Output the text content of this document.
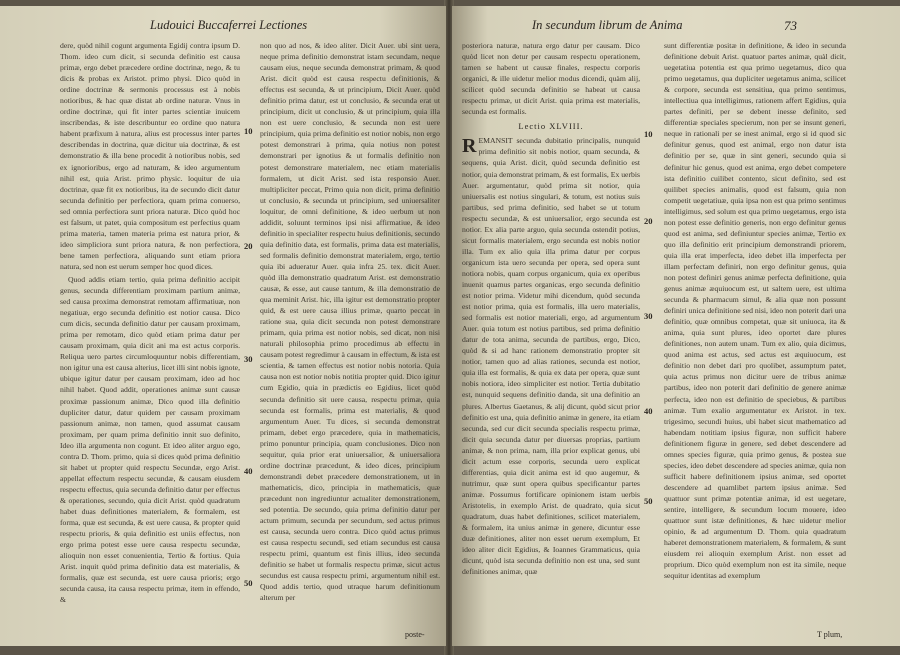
Ludouici Buccaferrei Lectiones

dere, quòd nihil cogunt argumenta Egidij contra ipsum D. Thom. ideo cum dicit, si secunda definitio est causa primæ, ergo debet præcedere ordine doctrinæ, nego, & tu dicis & probas ex Aristot. primo physi. Dico quòd in ordine doctrinæ & sermonis processus est à nobis notioribus, & hac quæ distat ab ordine naturæ. Vnus in ordine doctrinæ, qui fit inter partes scientiæ inuicem inscribendas, & iste describuntur eo ordine quo natura habent præfixum à natura, alius est processus inter partes describendas in doctrina, quæ dicitur uia doctrinæ, & est demonstratio & illa bene procedit à notioribus nobis, sed ex ignorioribus, ergo ad naturam, & ideo argumentum nihil est, quia Arist. primo physic. loquitur de uia doctrinæ, quæ fit ex notioribus, ita de secundo dicit datur secunda definitio per perfectiora, quam prima conuerso, sed omnia perfectiora sunt priora naturæ. Dico quòd hoc est falsum, ut patet, quia compositum est perfectius quam prima materia, tamen materia prima est natura prior, & ideo simpliciora sunt priora natura, & non perfectiora, bene tamen perfectiora, aliquando sunt etiam priora natura, sed non est uerum semper hoc quod dices.

Quod addis etiam tertio, quia prima definitio accipit genus, secunda differentiam proximam partium animæ, sed causa proxima demonstrat remotam affirmatiuæ, non negatiuæ, ergo secunda definitio est notior causa. Dico cum dicis, secunda definitio datur per causam proximam, prima per remotam, dico quòd etiam prima datur per causam proximam, quia dicit ani ma est actus corporis. Reliqua uero partes circumloquuntur nobis differentiam, non igitur una est causa alterius, licet illi sint nobis ignote, ubique igitur datur per causam proximam, ideo ad hoc nihil habet. Quod addit, operationes animæ sunt causæ proximæ passionum animæ, Dico quod illa definitio dupliciter datur, datur quidem per causam proximam passionum animæ, non tamen, quod assumat causam proximam, per quam prima definitio innit suo definito, Ideo illa argumenta non cogunt. Et ideo aliter arguo ego, contra D. Thom. primo, quia si dices quòd prima definitio sit habet ut propter quid respectu Secundæ, ergo Arist. appellat effectum respectu secundæ, & causam eiusdem respectu effectus, quia secunda definitio datur per effectus & operationes, secundo, quia dicit Arist. quòd quadratum habet duas definitiones materialem, & formalem, est forma, quæ est secunda, & est uere causa, & propter quid respectu prioris, & quia definitio est uniis effectus, non ergo prima potest esse uere causa respectu secundæ, alioquin non esset conuenientia, Tertio & fortius. Quia Arist. inquit quòd prima definitio data est materialis, & formalis, quæ est secunda, est uere causa prioris; ergo secunda causa, ita causa respectu primæ, item in effendo, &

10
20
30
40
50

non quo ad nos, & ideo aliter. Dicit Auer. ubi sint uera, neque prima definitio demonstrat istam secundam, neque causam eius, neque secunda demonstrat primam, & quod Arist. dicit quòd est causa respectu definitionis, & effectus est secunda, & ut principium, Dicit Auer. quòd definitio prima datur, est ut conclusio, & secunda erat ut principium, dicit ut conclusio, & ut principium, quia illa non est uere conclusio, & secunda non est uere principium, quia prima definitio est notior nobis, non ergo potest demonstrari à prima, quia notius non potest demonstrari per ignotius & ut formalis definitio non potest demonstrare materialem, nec etiam materialis formalem, ut dicit Arist. sed ista responsio Auer. multipliciter peccat, Primo quia non dicit, prima definitio ut conclusio, & secunda ut principium, sed uniuersaliter loquitur, de omni definitione, & ideo uerbum ut non addidit, soluunt terminos ipsi nisi affirmatiue, & ideo definitio in specialiter respectu huius definitionis, secundo quia definitio data, est formalis, prima data est materialis, sed formalis definitio demonstrat materialem, ergo, tertio quia ibi adueratur Auer. quia infra 25. tex. dicit Auer. quòd illa demonstratio quadratum Arist. est demonstratio causæ, & esse, aut cause tantum, & illa demonstratio de qua meminit Arist. hic, illa igitur est demonstratio propter quid, & est uere causa illius primæ, quarto peccat in ratione sua, quia dicit secunda non potest demonstrare primam, quia prima est notior nobis, sed dicat, non nisi naturali philosophia primo procedimus ab effectu in causam potest regredimur à causam in effectum, & ista est scientia, & tamen effectus est notior nobis notoria. Quia causa non est notior nobis notitia propter quid. Dico igitur cum Egidio, quia in prædictis eo Egidius, licet quòd secunda definitio sit uere causa, respectu primæ, quia secunda est formalis, prima est materialis, & quod argumentum Auer. Tu dices, si secunda demonstrat primam, debet ergo præcedere, quia in mathematicis, primo ponuntur principia, quam conclusiones. Dico non sequitur, quia prior erat uniuersalior, & uniuersaliora ordine doctrinæ præcedunt, & ideo dices, principium demonstrandi debet præcedere demonstrationem, ut in mathematicis, dico, principia in mathematicis, quæ præcedunt non ingrediuntur actualiter demonstrationem, sed potentia. De secundo, quia prima definitio datur per actum primum, secunda per secundum, sed actus primus est causa, secunda uero contra. Dico quòd actus primus est causa respectu secundi, sed etiam secundus est causa respectu primi, quantum est finis illius, ideo secunda definitio se habet ut formalis respectu primæ, sicut actus secundus est causa respectu primi, argumentum nihil est. Quod addis tertio, quod utraque harum definitionum alterum per

poste-
In secundum librum de Anima	73

posteriora naturæ, natura ergo datur per causam. Dico quòd licet non detur per causam respectu operationem, tamen se habent ut causæ finales, respectu corporis organici, & ille uidetur melior modus dicendi, quàm alij, scilicet quòd secunda definitio se habeat ut causa respectu primæ, ut dicit Arist. quia prima est materialis, secunda est formalis.

Lectio XLVIII.

REMANSIT secunda dubitatio principalis, nunquid prima definitio sit nobis notior, quam secunda, & sequens, quia Arist. dicit, quòd secunda definitio est notior, quia demonstrat primam, & est formalis, Ex uerbis Auer. argumentatur, quòd prima sit notior, quia uniuersalis est notius singulari, & totum, est notius suis partibus, sed prima definitio, sed habet se ut totum respectu secundæ, & est uniuersalior, ergo secunda est notior. Ex alia parte arguo, quia secunda ostendit potius, sicut formalis materialem, ergo secunda est nobis notior illa. Tum ex alio quia illa prima datur per corpus organicum ista uero secunda per opera, sed opera sunt notiora nobis, quam corpus organicum, quia ex operibus inuenit quamus partes organicas, ergo secunda definitio est notior prima. Videtur mihi dicendum, quòd secunda est notior prima, quia est formalis, illa uero materialis, sed formalis est notior materiali, ergo, ad argumentum Auer. quia totum est notius partibus, sed prima definitio datur de tota anima, secunda de partibus, ergo, Dico, quòd & si ad hanc rationem demonstratio propter sit notior, tamen quo ad alias rationes, secunda est notior, quia illa est formalis, & quia ex data per opera, quæ sunt nobis notiora, ideo simpliciter est notior. Tertia dubitatio est, nunquid sequens definitio danda, sit una definitio an plures. Albertus Gaetanus, & alij dicunt, quòd sicut prior definitio est una, quia definitio animæ in genere, ita etiam secunda, sed cur dicit secunda specialis respectu primæ, dicit quia secunda datur per diuersas proprias, partium animæ, & non prima, nam, illa prior explicat genus, ubi dicit actum esse corporis, secunda uero explicat differentias, quia dicit anima est id quo augemur, & nutrimur, quæ sunt opera quibus specificantur partes animæ. Possumus fortificare opinionem istam uerbis Aristotelis, in exemplo Arist. de quadrato, quia sicut quadratum, duas habet definitiones, scilicet materialem, & formalem, ita unius animæ in genere, dicuntur esse duæ definitiones, aliter non esset uerum exemplum, Et ideo aliter dicit Egidius, & Ioannes Grammaticus, quia dicunt, quòd ista secunda definitio non est una, sed sunt definitiones animæ, quæ

10
20
30
40
50

sunt differentiæ positæ in definitione, & ideo in secunda definitione debuit Arist. quatuor partes animæ, quàl dicit, uegetatiua potentia est qua primo uegetamus, dico qua primo uegetamus, qua dupliciter uegetamus anima, scilicet & corpore, secunda est sensitiua, qua primo sentimus, intellectiua qua intelligimus, rationem affert Egidius, quia partes definiti, per se debent inesse definito, sed differentiæ speciales specierum, non per se insunt generi, neque in rationali per se inest animal, ergo si id quod sic definitur genus, quod est animal, ergo non datur ista definitio per se, quæ in sint generi, secundo quia si definitur hic genus, quod est anima, ergo debet competere ista definitio cuilibet contento, sicut definito, sed est quilibet species animalis, quod est falsum, quia non competit uegetatiuæ, quia ipsa non est qua primo sentimus intelligimus, sed solum est qua primo uegetamus, ergo ista non potest esse definitio generis, non ergo definitur genus quod est anima, sed definiuntur species animæ, Tertio ex quo illa definitio erit principium demonstrandi priorem, quia illa erat imperfecta, ideo debet illa imperfecta per illam perfectam definiri, non ergo definitur genus, quia non potest definiri genus animæ perfecta definitione, quia genus animæ æquiuocum est, ut saltem uere, est ultima secunda & pharmacum simul, & alia quæ non possunt definiri unica definitione sed nisi, ideo non poterit dari una definitio, quæ omnibus competat, quæ sit uniuoca, ita & anima, quia sunt plures, ideo oportet dare plures definitiones, non autem unam. Tum ex alio, quia dicimus, quod anima est actus, sed actus est æquiuocum, est definitio non debet dari pro quolibet, assumptum patet, quia actus primus non dicitur uere de tribus animæ partibus, ideo non poterit dari definitio de genere animæ perfecta, ideo non est definitio de speciebus, & partibus animæ. Tum exalio argumentatur ex Aristot. in tex. trigesimo, secundi huius, ubi habet sicut mathematico ad habendam notitiam ipsius figuræ, non sufficit habere definitionem figuræ in genere, sed debet descendere ad omnes species figuræ, quia primo genus, & postea sue species, ideo debet descendere ad species animæ, quia non sufficit habere definitionem ipsius animæ, sed oportet descendere ad quamlibet partem ipsius animæ. Sed quattuor sunt primæ potentiæ animæ, id est uegetare, sentire, intelligere, & secundum locum mouere, ideo quattuor sunt istæ definitiones, & hæc uidetur melior opinio, & ad argumentum D. Thom. quia quadratum haberet demonstrationem materialem, & formalem, & sunt eiusdem rei alioquin exemplum Arist. non esset ad proprium. Dico quòd exemplum non est ita simile, neque sequitur identitas ad exemplum

T plum,
